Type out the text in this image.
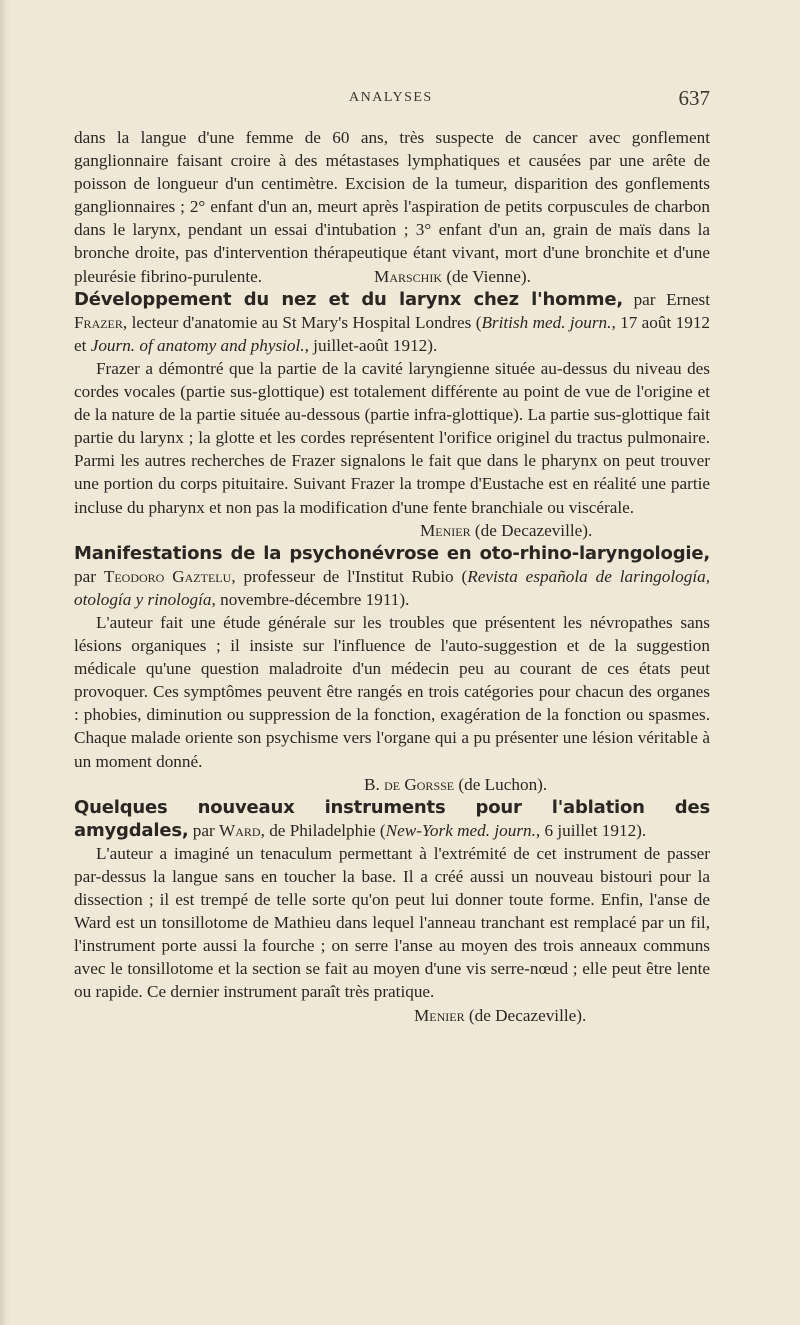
ANALYSES	637

dans la langue d'une femme de 60 ans, très suspecte de cancer avec gonflement ganglionnaire faisant croire à des métastases lymphatiques et causées par une arête de poisson de longueur d'un centimètre. Excision de la tumeur, disparition des gonflements ganglionnaires ; 2° enfant d'un an, meurt après l'aspiration de petits corpuscules de charbon dans le larynx, pendant un essai d'intubation ; 3° enfant d'un an, grain de maïs dans la bronche droite, pas d'intervention thérapeutique étant vivant, mort d'une bronchite et d'une pleurésie fibrino-purulente.	Marschik (de Vienne).

Développement du nez et du larynx chez l'homme, par Ernest Frazer, lecteur d'anatomie au St Mary's Hospital Londres (British med. journ., 17 août 1912 et Journ. of anatomy and physiol., juillet-août 1912).

Frazer a démontré que la partie de la cavité laryngienne située au-dessus du niveau des cordes vocales (partie sus-glottique) est totalement différente au point de vue de l'origine et de la nature de la partie située au-dessous (partie infra-glottique). La partie sus-glottique fait partie du larynx ; la glotte et les cordes représentent l'orifice originel du tractus pulmonaire. Parmi les autres recherches de Frazer signalons le fait que dans le pharynx on peut trouver une portion du corps pituitaire. Suivant Frazer la trompe d'Eustache est en réalité une partie incluse du pharynx et non pas la modification d'une fente branchiale ou viscérale.

Menier (de Decazeville).

Manifestations de la psychonévrose en oto-rhino-laryngologie, par Teodoro Gaztelu, professeur de l'Institut Rubio (Revista española de laringología, otología y rinología, novembre-décembre 1911).

L'auteur fait une étude générale sur les troubles que présentent les névropathes sans lésions organiques ; il insiste sur l'influence de l'auto-suggestion et de la suggestion médicale qu'une question maladroite d'un médecin peu au courant de ces états peut provoquer. Ces symptômes peuvent être rangés en trois catégories pour chacun des organes : phobies, diminution ou suppression de la fonction, exagération de la fonction ou spasmes. Chaque malade oriente son psychisme vers l'organe qui a pu présenter une lésion véritable à un moment donné.

B. de Gorsse (de Luchon).

Quelques nouveaux instruments pour l'ablation des amygdales, par Ward, de Philadelphie (New-York med. journ., 6 juillet 1912).

L'auteur a imaginé un tenaculum permettant à l'extrémité de cet instrument de passer par-dessus la langue sans en toucher la base. Il a créé aussi un nouveau bistouri pour la dissection ; il est trempé de telle sorte qu'on peut lui donner toute forme. Enfin, l'anse de Ward est un tonsillotome de Mathieu dans lequel l'anneau tranchant est remplacé par un fil, l'instrument porte aussi la fourche ; on serre l'anse au moyen des trois anneaux communs avec le tonsillotome et la section se fait au moyen d'une vis serre-nœud ; elle peut être lente ou rapide. Ce dernier instrument paraît très pratique.

Menier (de Decazeville).
